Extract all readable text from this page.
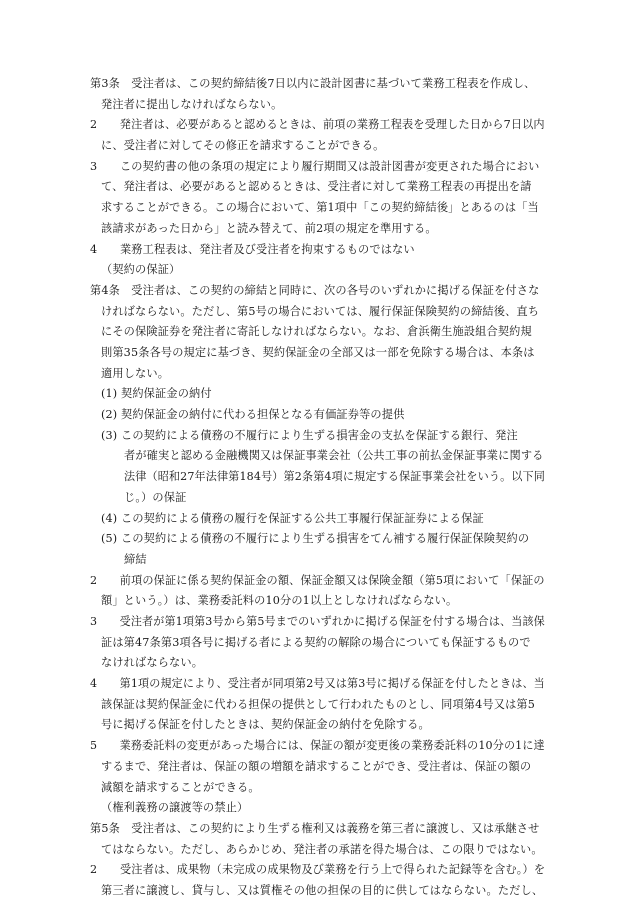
第3条　受注者は、この契約締結後7日以内に設計図書に基づいて業務工程表を作成し、
発注者に提出しなければならない。
2　　発注者は、必要があると認めるときは、前項の業務工程表を受理した日から7日以内
に、受注者に対してその修正を請求することができる。
3　　この契約書の他の条項の規定により履行期間又は設計図書が変更された場合におい
て、発注者は、必要があると認めるときは、受注者に対して業務工程表の再提出を請
求することができる。この場合において、第1項中「この契約締結後」とあるのは「当
該請求があった日から」と読み替えて、前2項の規定を準用する。
4　　業務工程表は、発注者及び受注者を拘束するものではない
（契約の保証）
第4条　受注者は、この契約の締結と同時に、次の各号のいずれかに掲げる保証を付さな
ければならない。ただし、第5号の場合においては、履行保証保険契約の締結後、直ち
にその保険証券を発注者に寄託しなければならない。なお、倉浜衛生施設組合契約規
則第35条各号の規定に基づき、契約保証金の全部又は一部を免除する場合は、本条は
適用しない。
(1) 契約保証金の納付
(2) 契約保証金の納付に代わる担保となる有価証券等の提供
(3) この契約による債務の不履行により生ずる損害金の支払を保証する銀行、発注
者が確実と認める金融機関又は保証事業会社（公共工事の前払金保証事業に関する
法律（昭和27年法律第184号）第2条第4項に規定する保証事業会社をいう。以下同
じ。）の保証
(4) この契約による債務の履行を保証する公共工事履行保証証券による保証
(5) この契約による債務の不履行により生ずる損害をてん補する履行保証保険契約の
締結
2　　前項の保証に係る契約保証金の額、保証金額又は保険金額（第5項において「保証の
額」という。）は、業務委託料の10分の1以上としなければならない。
3　　受注者が第1項第3号から第5号までのいずれかに掲げる保証を付する場合は、当該保
証は第47条第3項各号に掲げる者による契約の解除の場合についても保証するもので
なければならない。
4　　第1項の規定により、受注者が同項第2号又は第3号に掲げる保証を付したときは、当
該保証は契約保証金に代わる担保の提供として行われたものとし、同項第4号又は第5
号に掲げる保証を付したときは、契約保証金の納付を免除する。
5　　業務委託料の変更があった場合には、保証の額が変更後の業務委託料の10分の1に達
するまで、発注者は、保証の額の増額を請求することができ、受注者は、保証の額の
減額を請求することができる。
（権利義務の譲渡等の禁止）
第5条　受注者は、この契約により生ずる権利又は義務を第三者に譲渡し、又は承継させ
てはならない。ただし、あらかじめ、発注者の承諾を得た場合は、この限りではない。
2　　受注者は、成果物（未完成の成果物及び業務を行う上で得られた記録等を含む。）を
第三者に譲渡し、貸与し、又は質権その他の担保の目的に供してはならない。ただし、
